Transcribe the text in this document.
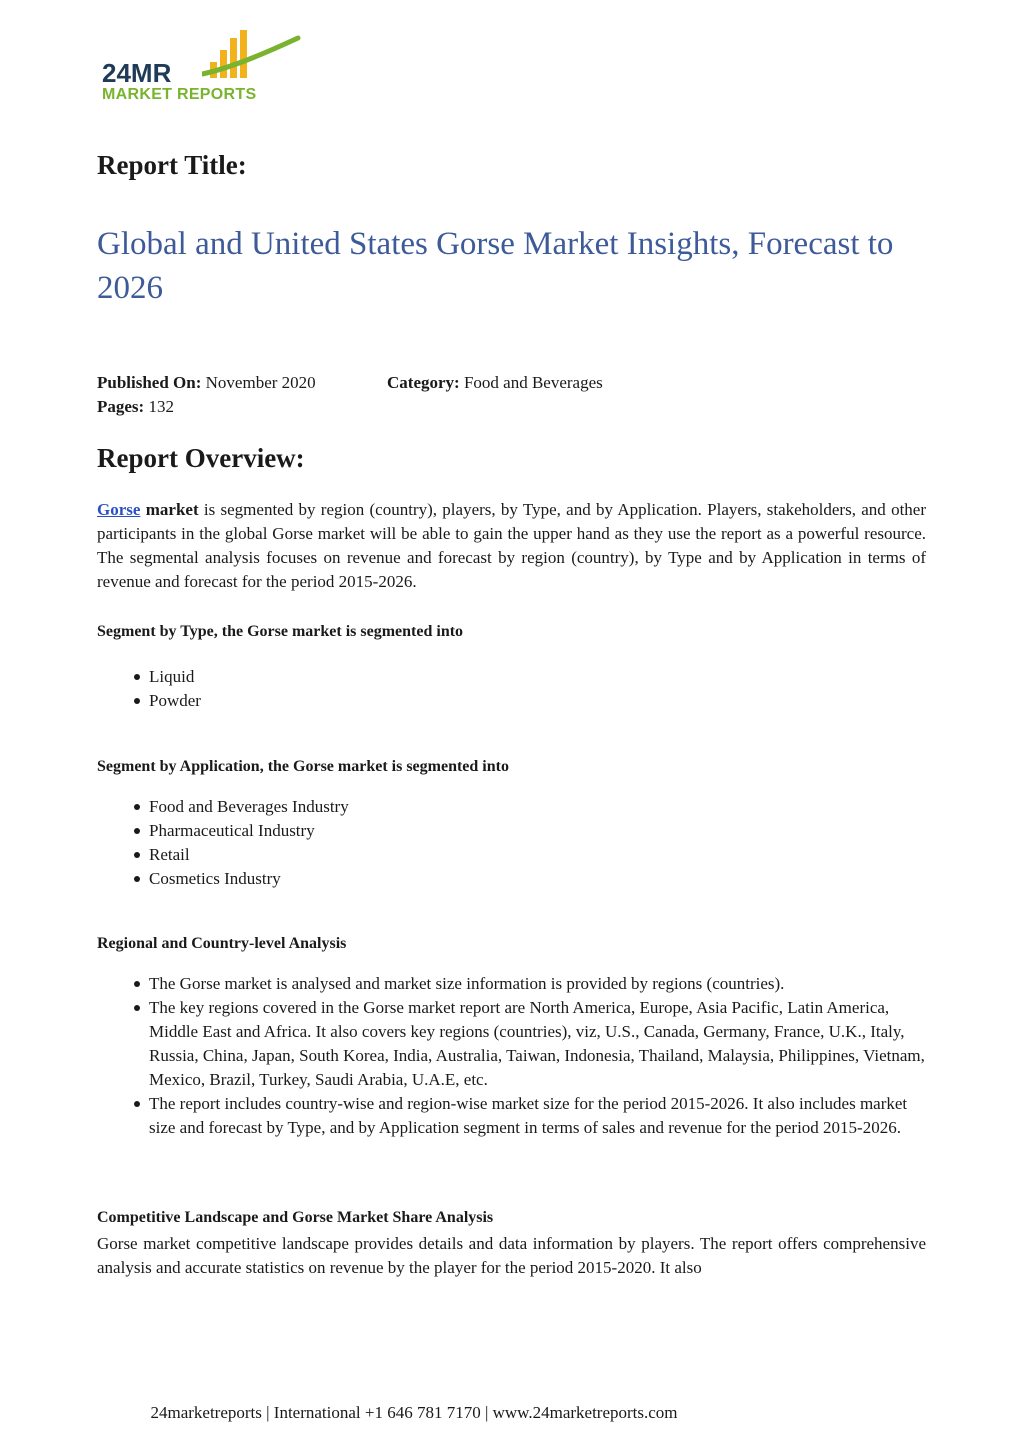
24MR
MARKET REPORTS
Report Title:
Global and United States Gorse Market Insights, Forecast to 2026
Published On: November 2020	Category: Food and Beverages
Pages: 132
Report Overview:

Gorse market is segmented by region (country), players, by Type, and by Application. Players, stakeholders, and other participants in the global Gorse market will be able to gain the upper hand as they use the report as a powerful resource. The segmental analysis focuses on revenue and forecast by region (country), by Type and by Application in terms of revenue and forecast for the period 2015-2026.

Segment by Type, the Gorse market is segmented into
Liquid
Powder
Segment by Application, the Gorse market is segmented into
Food and Beverages Industry
Pharmaceutical Industry
Retail
Cosmetics Industry
Regional and Country-level Analysis
The Gorse market is analysed and market size information is provided by regions (countries).
The key regions covered in the Gorse market report are North America, Europe, Asia Pacific, Latin America, Middle East and Africa. It also covers key regions (countries), viz, U.S., Canada, Germany, France, U.K., Italy, Russia, China, Japan, South Korea, India, Australia, Taiwan, Indonesia, Thailand, Malaysia, Philippines, Vietnam, Mexico, Brazil, Turkey, Saudi Arabia, U.A.E, etc.
The report includes country-wise and region-wise market size for the period 2015-2026. It also includes market size and forecast by Type, and by Application segment in terms of sales and revenue for the period 2015-2026.
Competitive Landscape and Gorse Market Share Analysis

Gorse market competitive landscape provides details and data information by players. The report offers comprehensive analysis and accurate statistics on revenue by the player for the period 2015-2020. It also

24marketreports | International +1 646 781 7170 | www.24marketreports.com
